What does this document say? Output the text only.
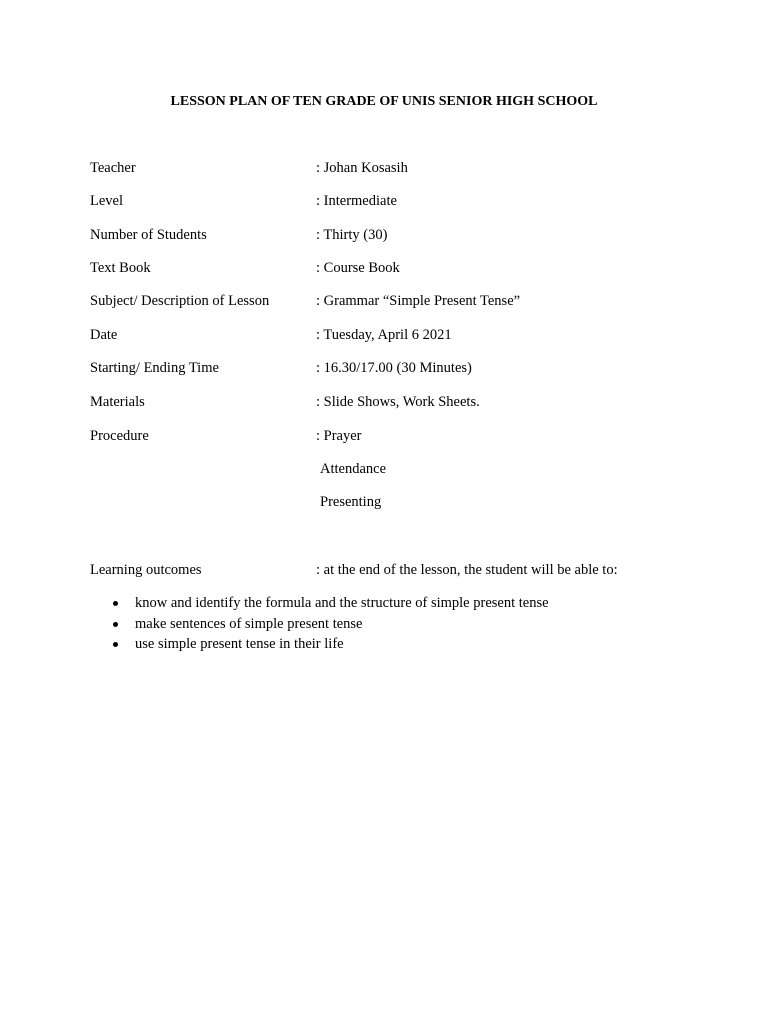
LESSON PLAN OF TEN GRADE OF UNIS SENIOR HIGH SCHOOL
Teacher	: Johan Kosasih
Level	: Intermediate
Number of Students	: Thirty (30)
Text Book	: Course Book
Subject/ Description of Lesson	: Grammar “Simple Present Tense”
Date	: Tuesday, April 6 2021
Starting/ Ending Time	: 16.30/17.00 (30 Minutes)
Materials	: Slide Shows, Work Sheets.
Procedure	: Prayer
Attendance
Presenting
Learning outcomes	: at the end of the lesson, the student will be able to:
know and identify the formula and the structure of simple present tense
make sentences of simple present tense
use simple present tense in their life
